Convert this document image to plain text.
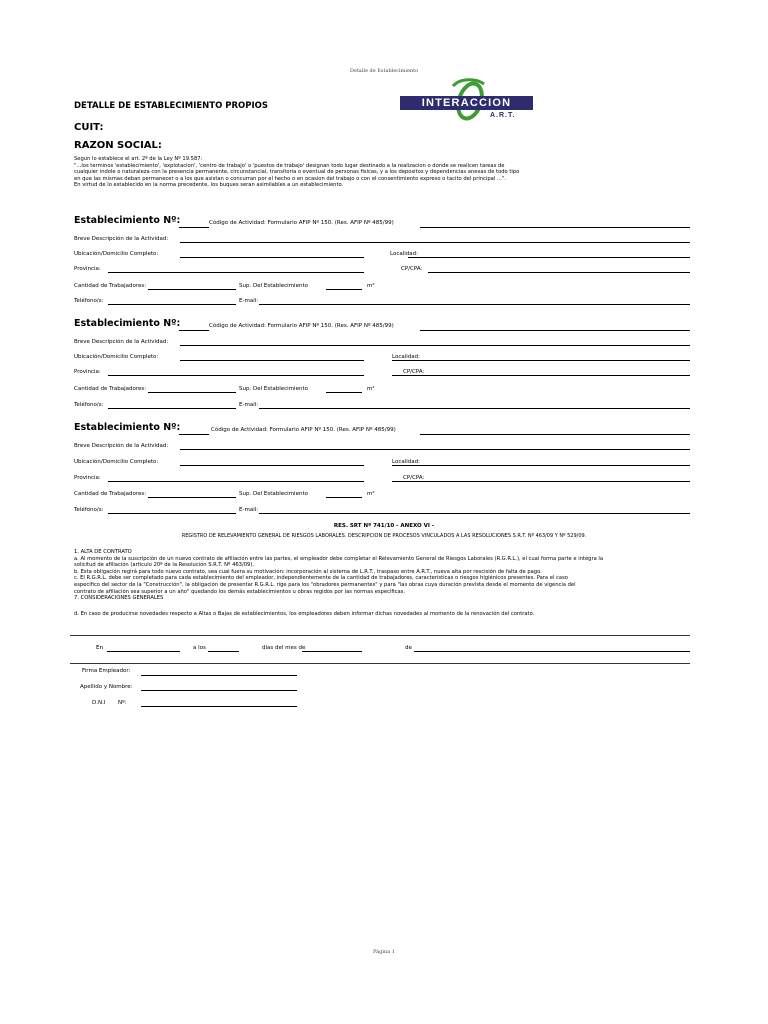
Detalle de Establecimiento
DETALLE DE ESTABLECIMIENTO PROPIOS
CUIT:
RAZON SOCIAL:
INTERACCION
A.R.T.
Segun lo establece el art. 2º de la Ley Nº 19.587:
"...los terminos 'establecimiento', 'explotacion', 'centro de trabajo' o 'puestos de trabajo' designan todo lugar destinado a la realizacion o donde se realicen tareas de
cualquier indole o naturaleza con la presencia permanente, circunstancial, transitoria o eventual de personas fisicas, y a los depositos y dependencias anexas de todo tipo
en que las mismas deban permanecer o a los que asistan o concurran por el hecho o en ocasion del trabajo o con el consentimiento expreso o tacito del principal ...".
En virtud de lo establecido en la norma precedente, los buques seran asimilables a un establecimiento.
Establecimiento Nº:	Código de Actividad: Formulario AFIP Nº 150. (Res. AFIP Nº 485/99)
Breve Descripción de la Actividad:
Ubicación/Domicilio Completo:	Localidad:
Provincia:	CP/CPA:
Cantidad de Trabajadores:	Sup. Del Establecimiento	m²
Teléfono/s:	E-mail:
Establecimiento Nº:	Código de Actividad: Formulario AFIP Nº 150. (Res. AFIP Nº 485/99)
Breve Descripción de la Actividad:
Ubicación/Domicilio Completo:	Localidad:
Provincia:	CP/CPA:
Cantidad de Trabajadores:	Sup. Del Establecimiento	m²
Teléfono/s:	E-mail:
Establecimiento Nº:	Código de Actividad: Formulario AFIP Nº 150. (Res. AFIP Nº 485/99)
Breve Descripción de la Actividad:
Ubicación/Domicilio Completo:	Localidad:
Provincia:	CP/CPA:
Cantidad de Trabajadores:	Sup. Del Establecimiento	m²
Teléfono/s:	E-mail:
RES. SRT Nº 741/10 - ANEXO VI -
REGISTRO DE RELEVAMIENTO GENERAL DE RIESGOS LABORALES. DESCRIPCION DE PROCESOS VINCULADOS A LAS RESOLUCIONES S.R.T. Nº 463/09 Y Nº 529/09.
1. ALTA DE CONTRATO
a. Al momento de la suscripción de un nuevo contrato de afiliación entre las partes, el empleador debe completar el Relevamiento General de Riesgos Laborales (R.G.R.L.), el cual forma parte e integra la
solicitud de afiliación (articulo 20º de la Resolución S.R.T. Nº 463/09).
b. Esta obligación regirá para todo nuevo contrato, sea cual fuera su motivación: incorporación al sistema de L.R.T., traspaso entre A.R.T., nueva alta por rescisión de falta de pago.
c. El R.G.R.L. debe ser completado para cada establecimiento del empleador, independientemente de la cantidad de trabajadores, características o riesgos higiénicos presentes. Para el caso
específico del sector de la "Construcción", la obligación de presentar R.G.R.L. rige para los "obradores permanentes" y para "las obras cuya duración prevista desde el momento de vigencia del
contrato de afiliación sea superior a un año" quedando los demás establecimientos u obras regidos por las normas específicas.
7. CONSIDERACIONES GENERALES
d. En caso de producirse novedades respecto a Altas o Bajas de establecimientos, los empleadores deben informar dichas novedades al momento de la renovación del contrato.
En	a los	días del mes de	de
Firma Empleador:
Apellido y Nombre:
D.N.I Nº:
Página 1
